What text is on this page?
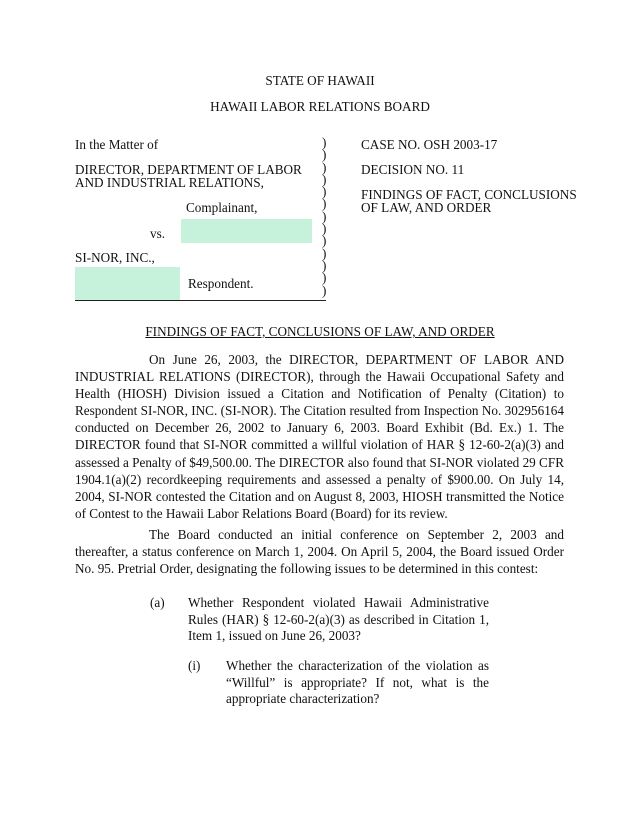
STATE OF HAWAII
HAWAII LABOR RELATIONS BOARD
In the Matter of
DIRECTOR, DEPARTMENT OF LABOR
AND INDUSTRIAL RELATIONS,
Complainant,
vs.
SI-NOR, INC.,
Respondent.
)
)
)
)
)
)
)
)
)
)
)
)
)
CASE NO. OSH 2003-17
DECISION NO. 11
FINDINGS OF FACT, CONCLUSIONS
OF LAW, AND ORDER
FINDINGS OF FACT, CONCLUSIONS OF LAW, AND ORDER
On June 26, 2003, the DIRECTOR, DEPARTMENT OF LABOR AND
INDUSTRIAL RELATIONS (DIRECTOR), through the Hawaii Occupational Safety and
Health (HIOSH) Division issued a Citation and Notification of Penalty (Citation) to
Respondent SI-NOR, INC. (SI-NOR). The Citation resulted from Inspection No. 302956164
conducted on December 26, 2002 to January 6, 2003. Board Exhibit (Bd. Ex.) 1. The
DIRECTOR found that SI-NOR committed a willful violation of HAR § 12-60-2(a)(3) and
assessed a Penalty of $49,500.00. The DIRECTOR also found that SI-NOR violated 29 CFR
1904.1(a)(2) recordkeeping requirements and assessed a penalty of $900.00. On July 14,
2004, SI-NOR contested the Citation and on August 8, 2003, HIOSH transmitted the Notice
of Contest to the Hawaii Labor Relations Board (Board) for its review.
The Board conducted an initial conference on September 2, 2003 and
thereafter, a status conference on March 1, 2004. On April 5, 2004, the Board issued Order
No. 95. Pretrial Order, designating the following issues to be determined in this contest:
(a) Whether Respondent violated Hawaii Administrative
Rules (HAR) § 12-60-2(a)(3) as described in Citation 1,
Item 1, issued on June 26, 2003?
(i) Whether the characterization of the violation as
“Willful” is appropriate? If not, what is the
appropriate characterization?
